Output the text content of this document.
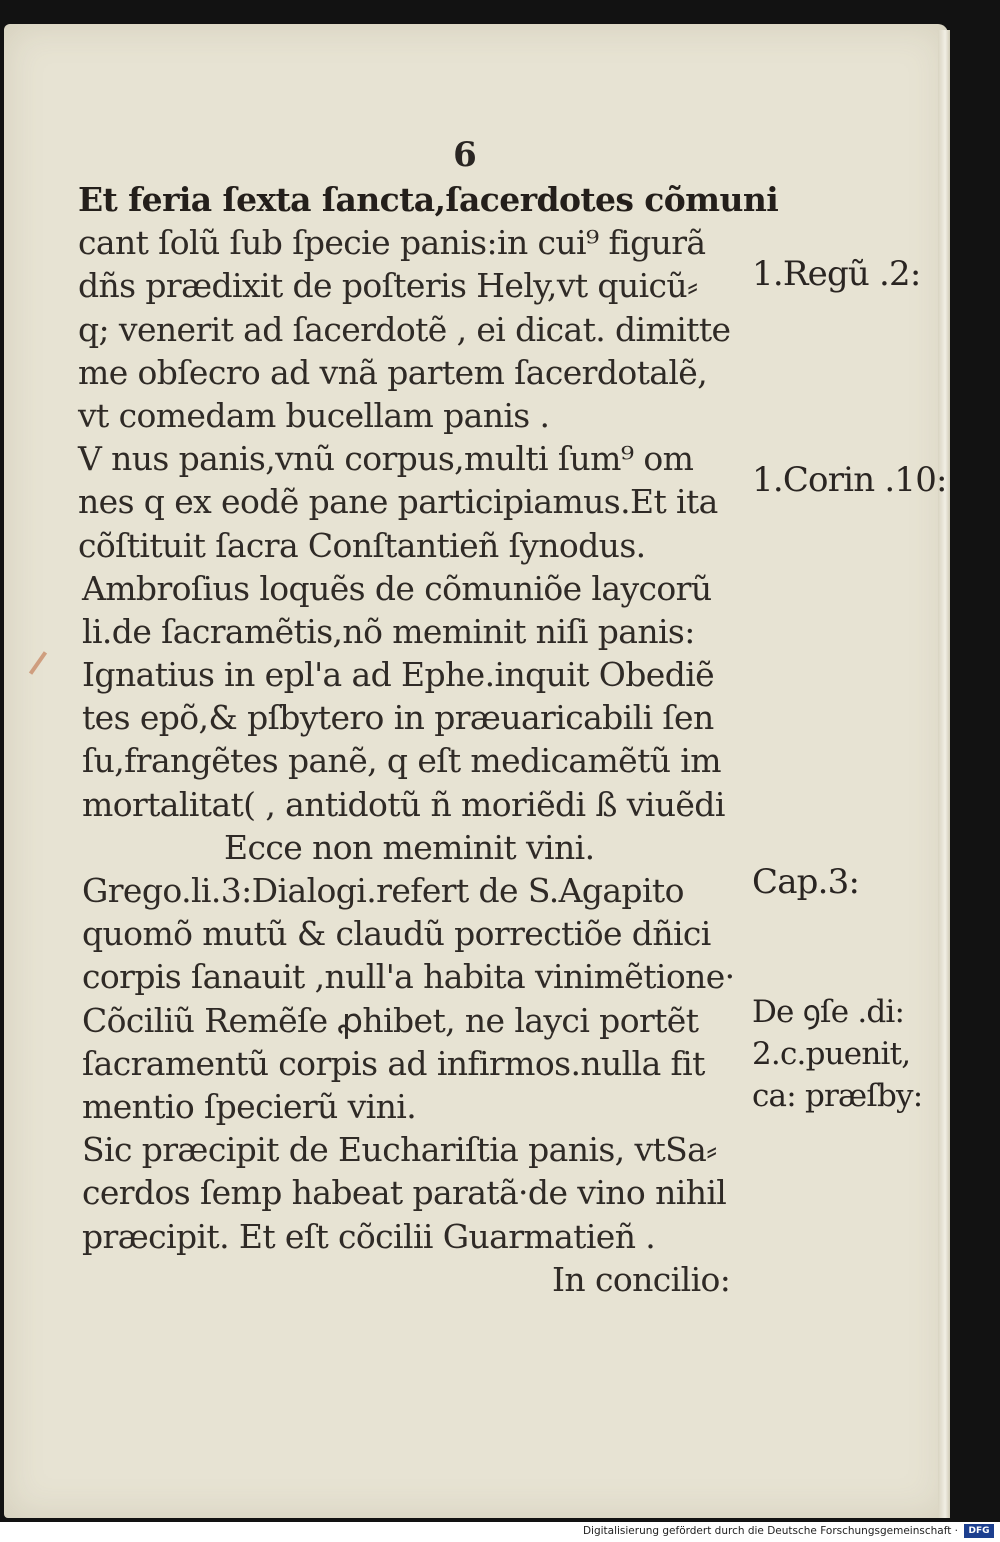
6
Et feria ſexta ſancta,ſacerdotes cõmuni
cant ſolũ ſub ſpecie panis:in cui⁹ figurã
dñs prædixit de poſteris Hely,vt quicũ⸗
q; venerit ad ſacerdotẽ , ei dicat. dimitte
me obſecro ad vnã partem ſacerdotalẽ,
vt comedam bucellam panis .
V nus panis,vnũ corpus,multi ſum⁹ om
nes q ex eodẽ pane participiamus.Et ita
cõſtituit ſacra Conſtantieñ ſynodus.
Ambroſius loquẽs de cõmuniõe laycorũ
li.de ſacramẽtis,nõ meminit niſi panis:
Ignatius in epl'a ad Ephe.inquit Obediẽ
tes epõ,& pſbytero in præuaricabili ſen
ſu,frangẽtes panẽ, q eſt medicamẽtũ im
mortalitat( , antidotũ ñ moriẽdi ß viuẽdi
Ecce non meminit vini.
Grego.li.3:Dialogi.refert de S.Agapito
quomõ mutũ & claudũ porrectiõe dñici
corpis ſanauit ,null'a habita vinimẽtione·
Cõciliũ Remẽſe ꝓhibet, ne layci portẽt
ſacramentũ corpis ad infirmos.nulla fit
mentio ſpecierũ vini.
Sic præcipit de Euchariſtia panis, vtSa⸗
cerdos ſemp habeat paratã·de vino nihil
præcipit. Et eſt cõcilii Guarmatieñ .
In concilio:
1.Regũ .2:
1.Corin .10:
Cap.3:
De ꝯſe .di:
2.c.puenit,
ca: præſby:
Digitalisierung gefördert durch die Deutsche Forschungsgemeinschaft ·	DFG
